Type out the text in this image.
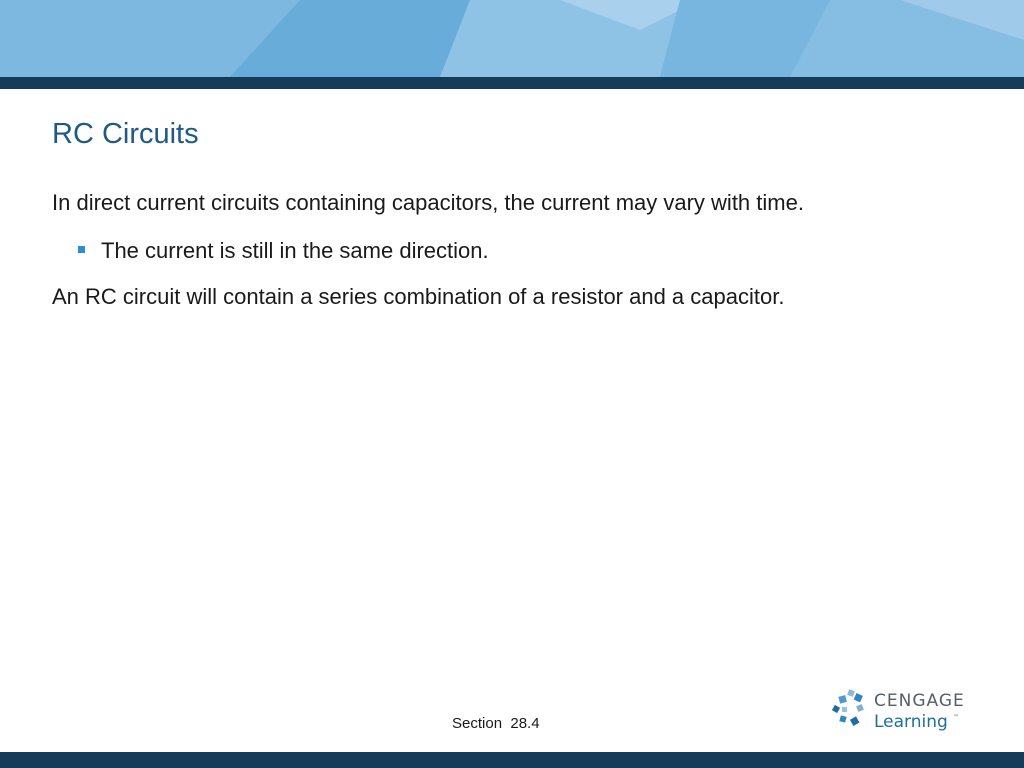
RC Circuits

In direct current circuits containing capacitors, the current may vary with time.

The current is still in the same direction.

An RC circuit will contain a series combination of a resistor and a capacitor.

Section  28.4

CENGAGE
Learning ™
